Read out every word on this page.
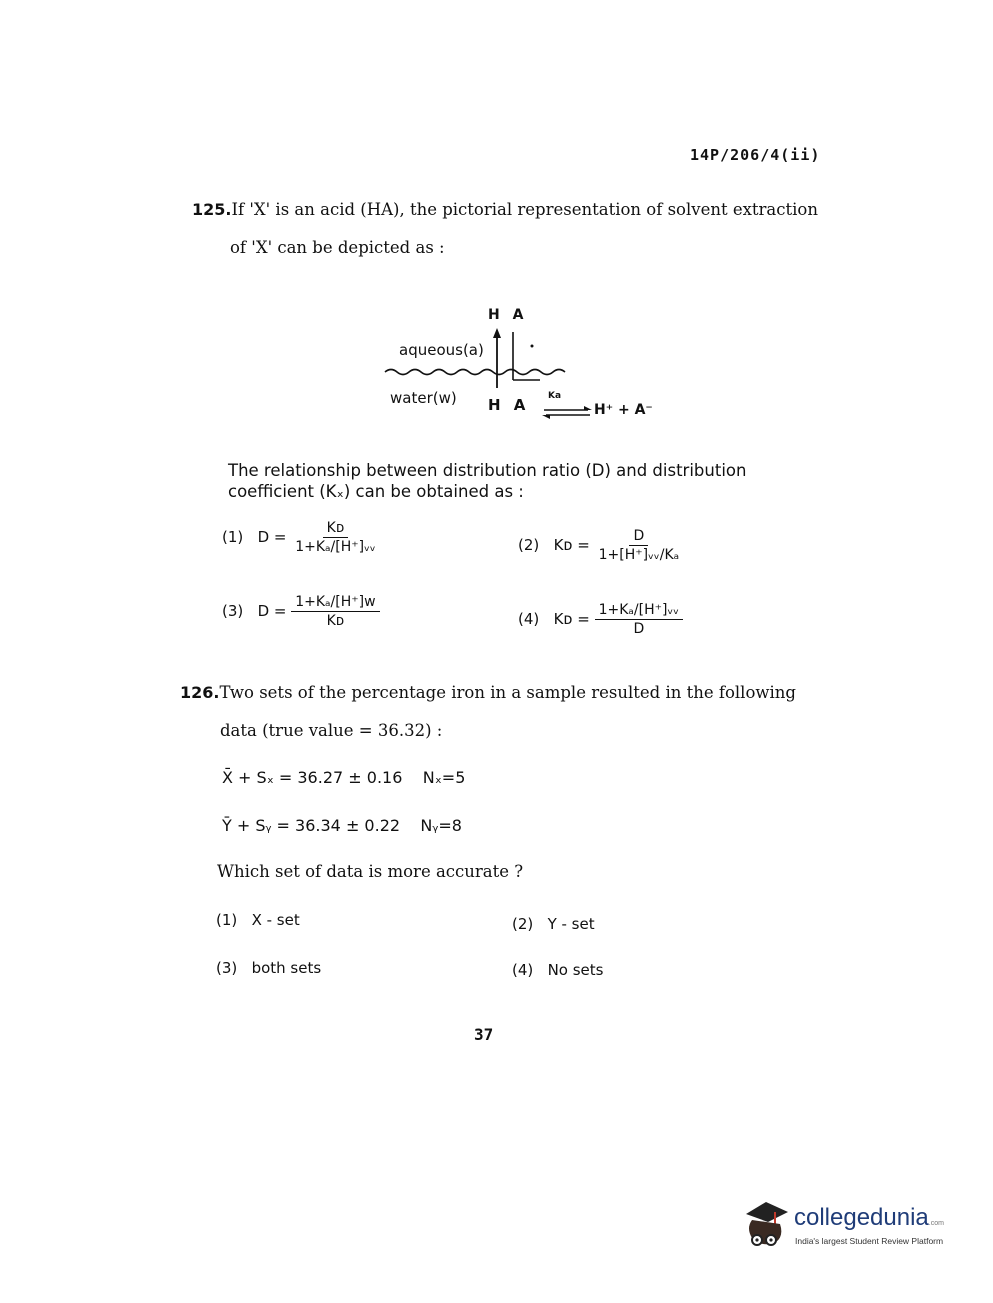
14P/206/4(ii)
125.If 'X' is an acid (HA), the pictorial representation of solvent extraction
of 'X' can be depicted as :
H A
aqueous(a)
water(w) H A Ka
H⁺ + A⁻
The relationship between distribution ratio (D) and distribution
coefficient (Kₓ) can be obtained as :
(1) $D = \frac{\text{Kᴅ}}{\text{1+Kₐ/[H⁺]ᵥᵥ}}$	(2) Kᴅ = $\frac{D}{\text{1+[H⁺]ᵥᵥ/Kₐ}}$
(3) $D = \frac{\text{1+Kₐ/[H⁺]w}}{\text{Kᴅ}}$	(4) Kᴅ = $\frac{\text{1+Kₐ/[H⁺]ᵥᵥ}}{D}$
126.Two sets of the percentage iron in a sample resulted in the following
data (true value = 36.32) :
X̄ + Sₓ = 36.27 ± 0.16    Nₓ=5
Ȳ + Sᵧ = 36.34 ± 0.22    Nᵧ=8
Which set of data is more accurate ?
(1) X - set	(2) Y - set
(3) both sets	(4) No sets
37
collegedunia.com
India's largest Student Review Platform
